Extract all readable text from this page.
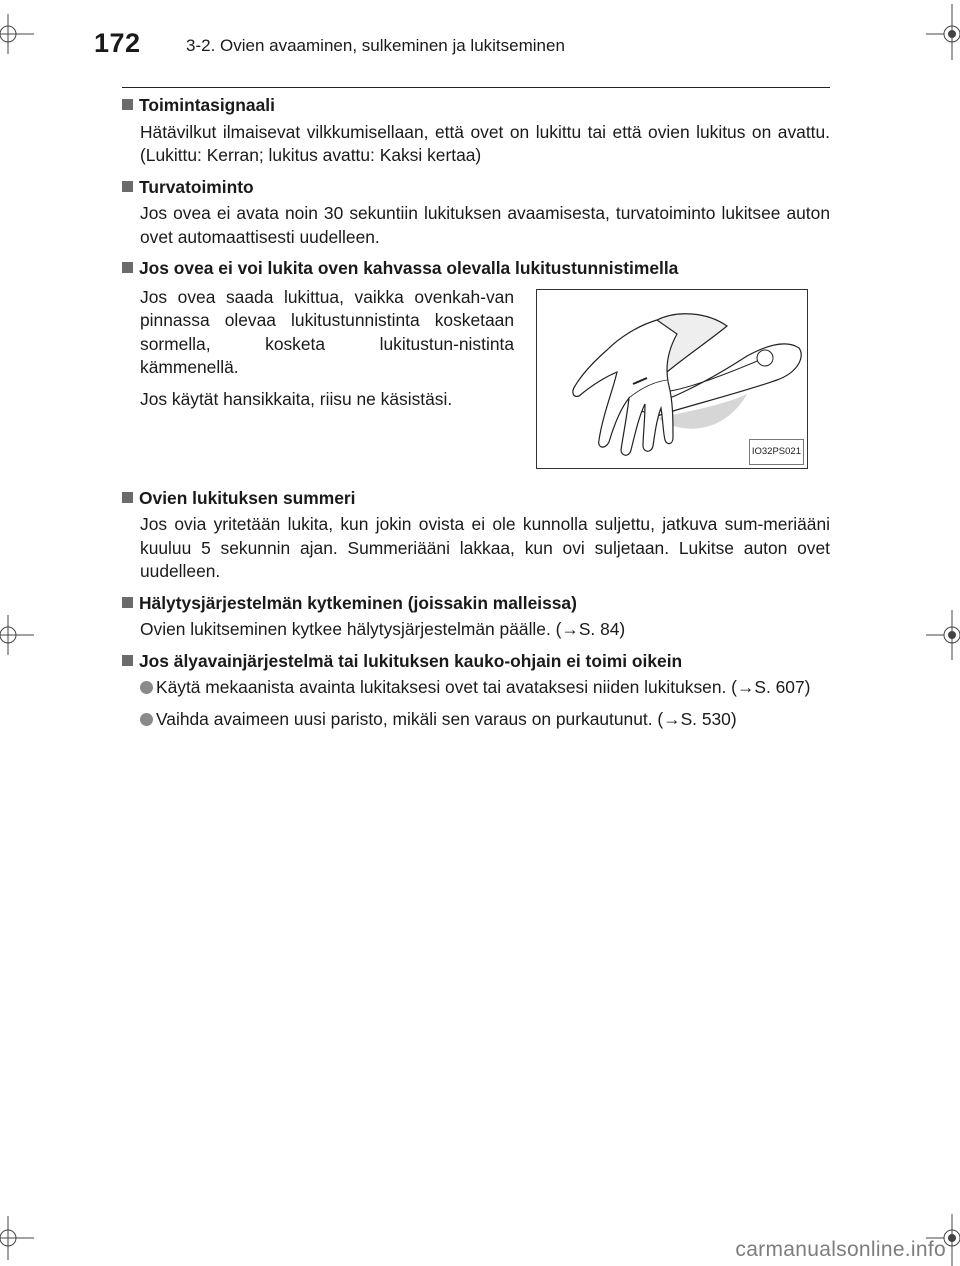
172	3-2. Ovien avaaminen, sulkeminen ja lukitseminen

Toimintasignaali

Hätävilkut ilmaisevat vilkkumisellaan, että ovet on lukittu tai että ovien lukitus on avattu. (Lukittu: Kerran; lukitus avattu: Kaksi kertaa)

Turvatoiminto

Jos ovea ei avata noin 30 sekuntiin lukituksen avaamisesta, turvatoiminto lukitsee auton ovet automaattisesti uudelleen.

Jos ovea ei voi lukita oven kahvassa olevalla lukitustunnistimella

Jos ovea saada lukittua, vaikka ovenkah-van pinnassa olevaa lukitustunnistinta kosketaan sormella, kosketa lukitustun-nistinta kämmenellä.

Jos käytät hansikkaita, riisu ne käsistäsi.

IO32PS021

Ovien lukituksen summeri

Jos ovia yritetään lukita, kun jokin ovista ei ole kunnolla suljettu, jatkuva sum-meriääni kuuluu 5 sekunnin ajan. Summeriääni lakkaa, kun ovi suljetaan. Lukitse auton ovet uudelleen.

Hälytysjärjestelmän kytkeminen (joissakin malleissa)

Ovien lukitseminen kytkee hälytysjärjestelmän päälle. (→S. 84)

Jos älyavainjärjestelmä tai lukituksen kauko-ohjain ei toimi oikein

Käytä mekaanista avainta lukitaksesi ovet tai avataksesi niiden lukituksen. (→S. 607)
Vaihda avaimeen uusi paristo, mikäli sen varaus on purkautunut. (→S. 530)
carmanualsonline.info
